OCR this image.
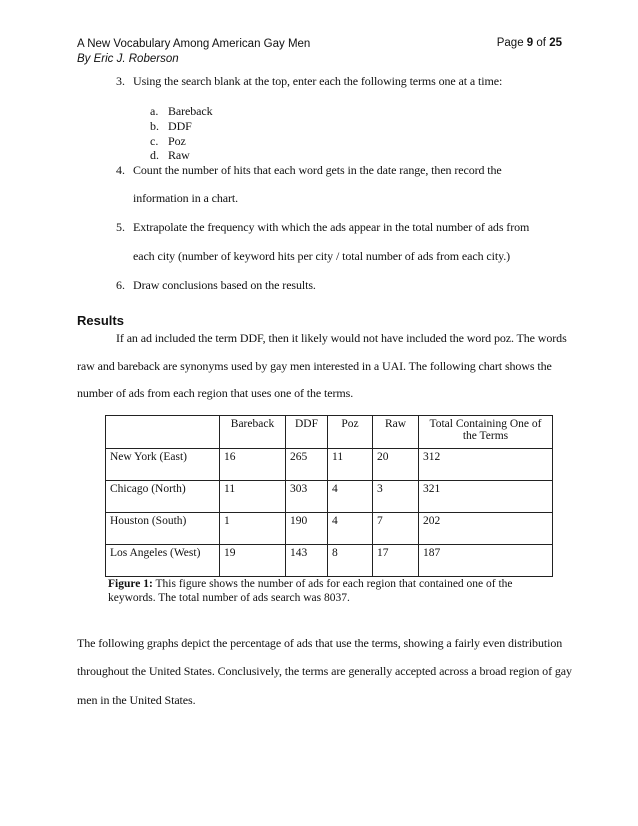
A New Vocabulary Among American Gay Men
By Eric J. Roberson
Page 9 of 25
3. Using the search blank at the top, enter each the following terms one at a time:
a. Bareback
b. DDF
c. Poz
d. Raw
4. Count the number of hits that each word gets in the date range, then record the
information in a chart.
5. Extrapolate the frequency with which the ads appear in the total number of ads from
each city (number of keyword hits per city / total number of ads from each city.)
6. Draw conclusions based on the results.
Results
If an ad included the term DDF, then it likely would not have included the word poz. The words
raw and bareback are synonyms used by gay men interested in a UAI. The following chart shows the
number of ads from each region that uses one of the terms.
	Bareback	DDF	Poz	Raw	Total Containing One of the Terms
New York (East)	16	265	11	20	312
Chicago (North)	11	303	4	3	321
Houston (South)	1	190	4	7	202
Los Angeles (West)	19	143	8	17	187
Figure 1: This figure shows the number of ads for each region that contained one of the keywords. The total number of ads search was 8037.
The following graphs depict the percentage of ads that use the terms, showing a fairly even distribution
throughout the United States. Conclusively, the terms are generally accepted across a broad region of gay
men in the United States.
